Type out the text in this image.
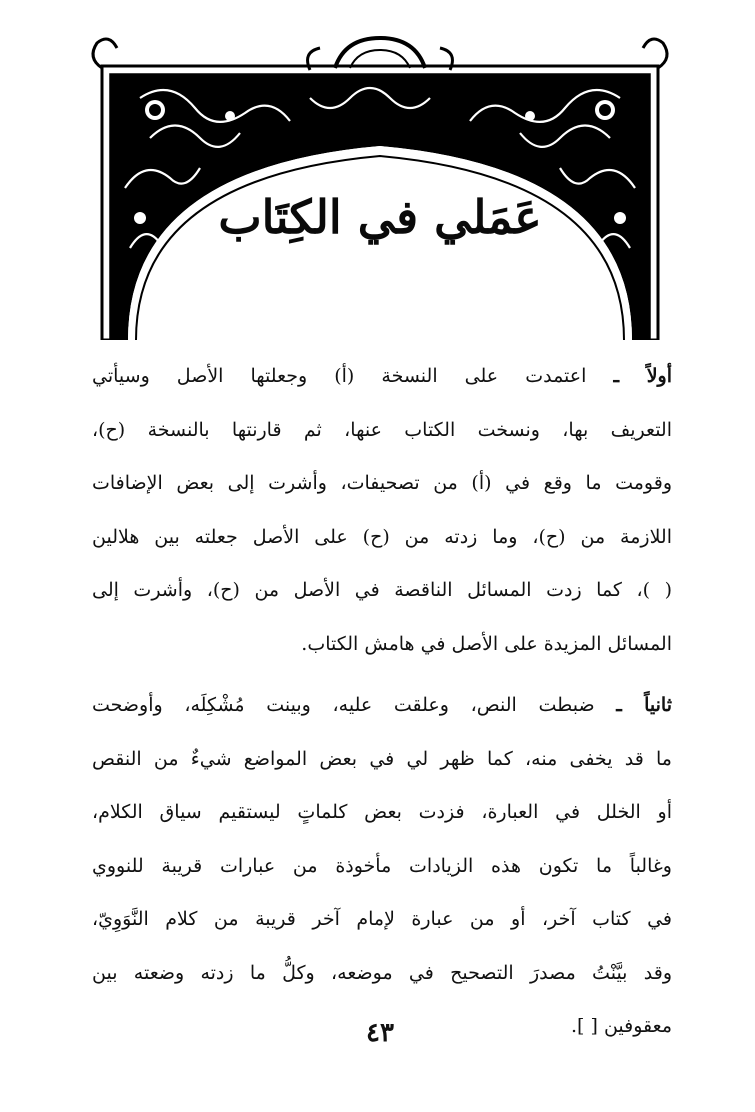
عَمَلي في الكِتَاب
أولاً ـ اعتمدت على النسخة (أ) وجعلتها الأصل وسيأتي
التعريف بها، ونسخت الكتاب عنها، ثم قارنتها بالنسخة (ح)،
وقومت ما وقع في (أ) من تصحيفات، وأشرت إلى بعض الإضافات
اللازمة من (ح)، وما زدته من (ح) على الأصل جعلته بين هلالين
( )، كما زدت المسائل الناقصة في الأصل من (ح)، وأشرت إلى
المسائل المزيدة على الأصل في هامش الكتاب.
ثانياً ـ ضبطت النص، وعلقت عليه، وبينت مُشْكِلَه، وأوضحت
ما قد يخفى منه، كما ظهر لي في بعض المواضع شيءٌ من النقص
أو الخلل في العبارة، فزدت بعض كلماتٍ ليستقيم سياق الكلام،
وغالباً ما تكون هذه الزيادات مأخوذة من عبارات قريبة للنووي
في كتاب آخر، أو من عبارة لإمام آخر قريبة من كلام النَّوَوِيّ،
وقد بيَّنْتُ مصدرَ التصحيح في موضعه، وكلُّ ما زدته وضعته بين
معقوفين [ ].
٤٣
